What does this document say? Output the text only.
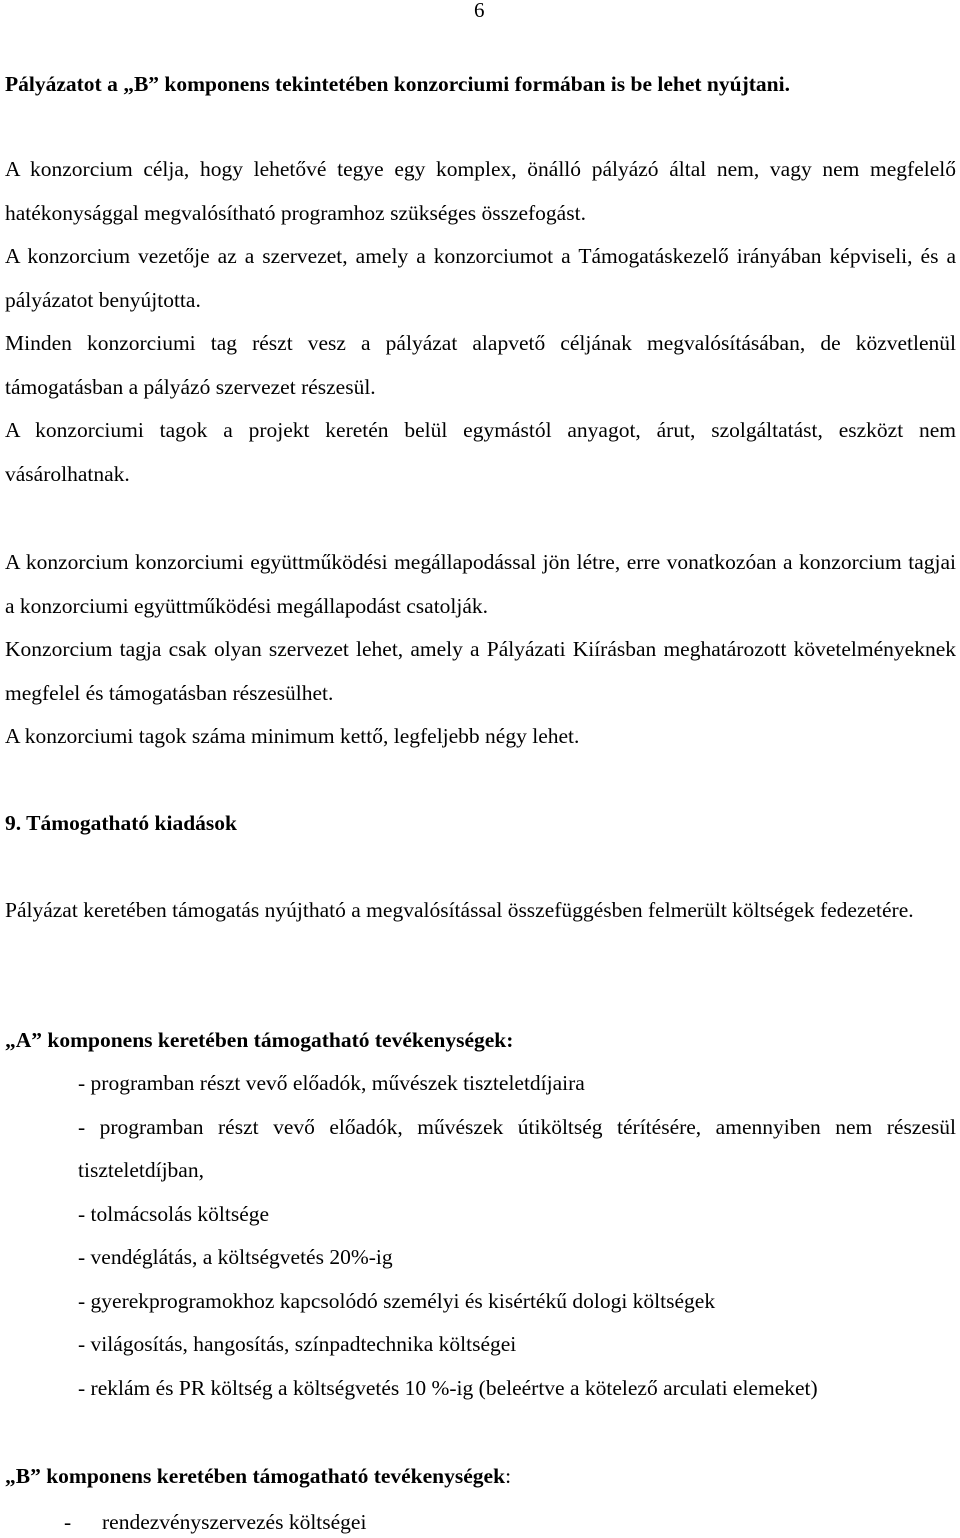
6
Pályázatot a „B” komponens tekintetében konzorciumi formában is be lehet nyújtani.
A konzorcium célja, hogy lehetővé tegye egy komplex, önálló pályázó által nem, vagy nem megfelelő hatékonysággal megvalósítható programhoz szükséges összefogást.
A konzorcium vezetője az a szervezet, amely a konzorciumot a Támogatáskezelő irányában képviseli, és a pályázatot benyújtotta.
Minden konzorciumi tag részt vesz a pályázat alapvető céljának megvalósításában, de közvetlenül támogatásban a pályázó szervezet részesül.
A konzorciumi tagok a projekt keretén belül egymástól anyagot, árut, szolgáltatást, eszközt nem vásárolhatnak.
A konzorcium konzorciumi együttműködési megállapodással jön létre, erre vonatkozóan a konzorcium tagjai a konzorciumi együttműködési megállapodást csatolják.
Konzorcium tagja csak olyan szervezet lehet, amely a Pályázati Kiírásban meghatározott követelményeknek megfelel és támogatásban részesülhet.
A konzorciumi tagok száma minimum kettő, legfeljebb négy lehet.
9. Támogatható kiadások
Pályázat keretében támogatás nyújtható a megvalósítással összefüggésben felmerült költségek fedezetére.
„A” komponens keretében támogatható tevékenységek:
- programban részt vevő előadók, művészek tiszteletdíjaira
- programban részt vevő előadók, művészek útiköltség térítésére, amennyiben nem részesül tiszteletdíjban,
- tolmácsolás költsége
- vendéglátás, a költségvetés 20%-ig
- gyerekprogramokhoz kapcsolódó személyi és kisértékű dologi költségek
- világosítás, hangosítás, színpadtechnika költségei
- reklám és PR költség a költségvetés 10 %-ig (beleértve a kötelező arculati elemeket)
„B” komponens keretében támogatható tevékenységek:
- rendezvényszervezés költségei
